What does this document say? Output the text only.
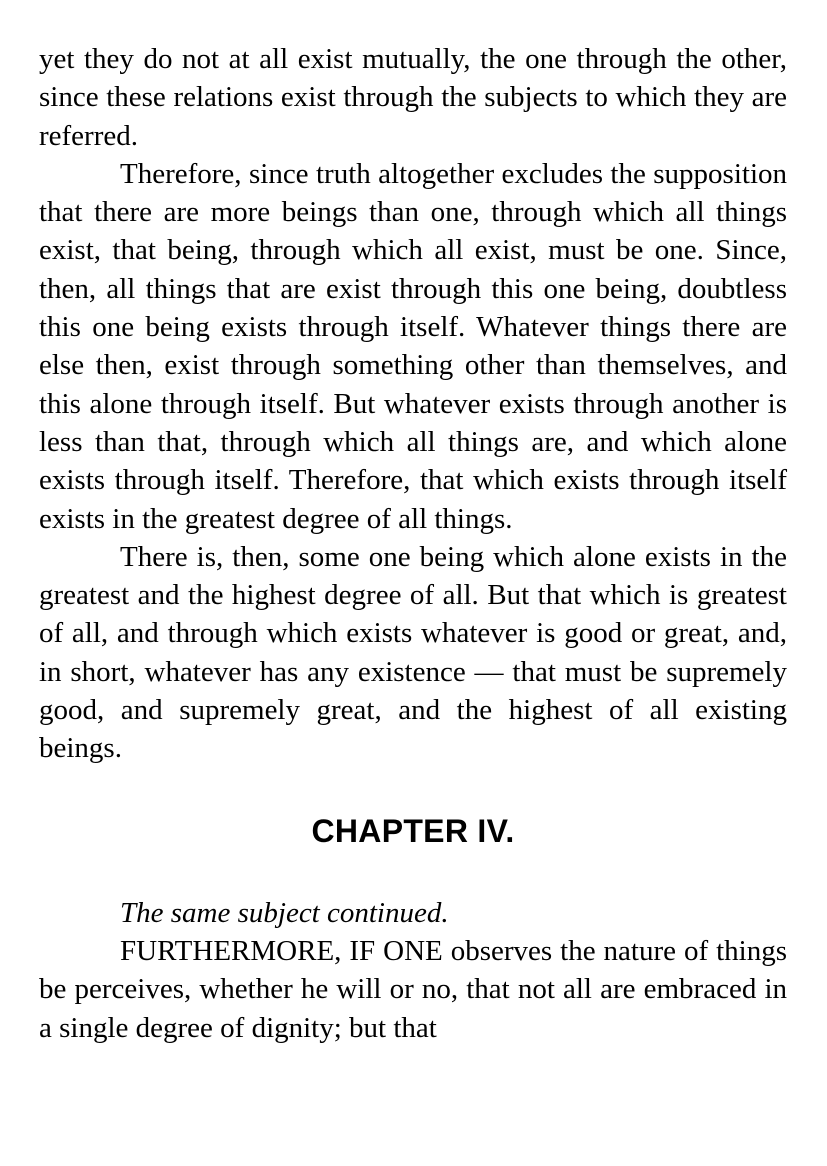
yet they do not at all exist mutually, the one through the other, since these relations exist through the subjects to which they are referred.

Therefore, since truth altogether excludes the supposition that there are more beings than one, through which all things exist, that being, through which all exist, must be one. Since, then, all things that are exist through this one being, doubtless this one being exists through itself. Whatever things there are else then, exist through something other than themselves, and this alone through itself. But whatever exists through another is less than that, through which all things are, and which alone exists through itself. Therefore, that which exists through itself exists in the greatest degree of all things.

There is, then, some one being which alone exists in the greatest and the highest degree of all. But that which is greatest of all, and through which exists whatever is good or great, and, in short, whatever has any existence — that must be supremely good, and supremely great, and the highest of all existing beings.

CHAPTER IV.

The same subject continued.

FURTHERMORE, IF ONE observes the nature of things be perceives, whether he will or no, that not all are embraced in a single degree of dignity; but that
